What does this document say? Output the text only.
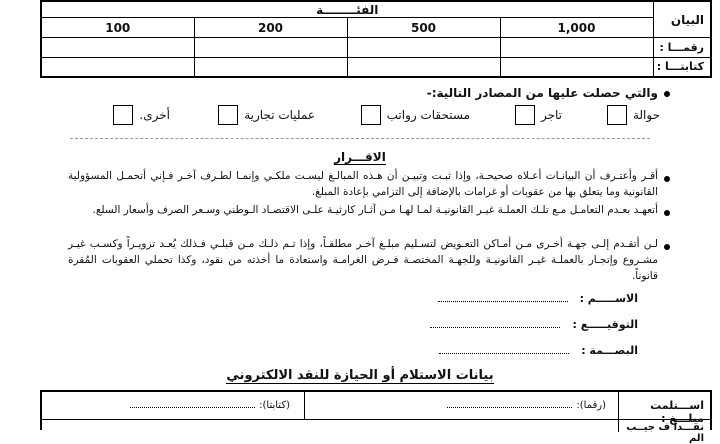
البيان	الفئــــــــة			
	1,000	500	200	100
رقمـــا :				
كتابتـــا :				
والتي حصلت عليها من المصادر التالية:-
حوالة
تاجر
مستحقات رواتب
عمليات تجارية
أخرى.
الاقـــرار
أقـر وأعتـرف أن البيانـات أعـلاه صحيحـة، وإذا ثبـت وتبيـن أن هـذه المبالـغ ليسـت ملكـي وإنمـا لطـرف آخـر فـإني أتحمـل المسؤولية القانونية وما يتعلق بها من عقوبات أو غرامات بالإضافة إلى التزامي بإعادة المبلغ.
أتعهـد بعـدم التعامـل مـع تلـك العملـة غيـر القانونيـة لمـا لهـا مـن آثـار كارثيـة علـى الاقتصـاد الـوطني وسـعر الصرف وأسعار السلع.
لـن أتقـدم إلـى جهـة أخـرى مـن أمـاكن التعـويض لتسـليم مبلـغ آخـر مطلقـاً، وإذا تـم ذلـك مـن قبلـي فـذلك يُعـد تزويـراً وكسـب غيـر مشـروع وإتجـار بالعملـة غيـر القانونيـة وللجهـة المختصـة فـرض الغرامـة واستعادة ما أخذته من نقود، وكذا تحملي العقوبات المُقرة قانوناً.
الاســـــم :
التوقيـــــع :
البصـــمة :
بيانات الاستلام أو الحيازة للنقد الالكتروني
اســـتلمت مبلـــغ :
(رقما):
(كتابتا):
نقـــداً ف جيــب الم
